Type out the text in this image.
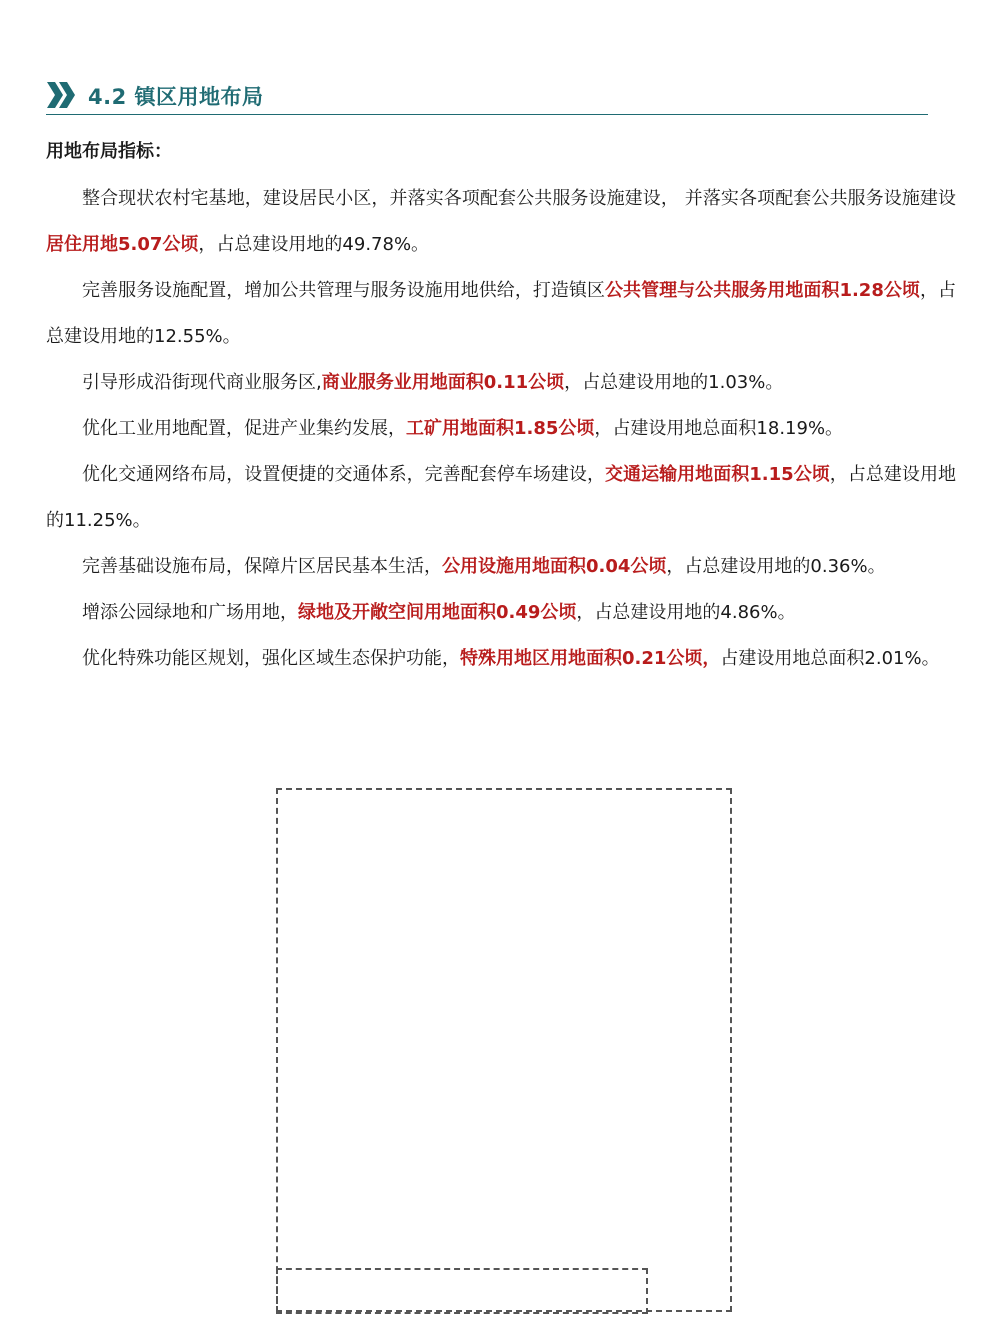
4.2 镇区用地布局
用地布局指标：

整合现状农村宅基地，建设居民小区，并落实各项配套公共服务设施建设， 并落实各项配套公共服务设施建设居住用地5.07公顷，占总建设用地的49.78%。

完善服务设施配置，增加公共管理与服务设施用地供给，打造镇区公共管理与公共服务用地面积1.28公顷，占总建设用地的12.55%。

引导形成沿街现代商业服务区,商业服务业用地面积0.11公顷，占总建设用地的1.03%。

优化工业用地配置，促进产业集约发展，工矿用地面积1.85公顷，占建设用地总面积18.19%。

优化交通网络布局，设置便捷的交通体系，完善配套停车场建设，交通运输用地面积1.15公顷，占总建设用地的11.25%。

完善基础设施布局，保障片区居民基本生活，公用设施用地面积0.04公顷，占总建设用地的0.36%。

增添公园绿地和广场用地，绿地及开敞空间用地面积0.49公顷，占总建设用地的4.86%。

优化特殊功能区规划，强化区域生态保护功能，特殊用地区用地面积0.21公顷，占建设用地总面积2.01%。
